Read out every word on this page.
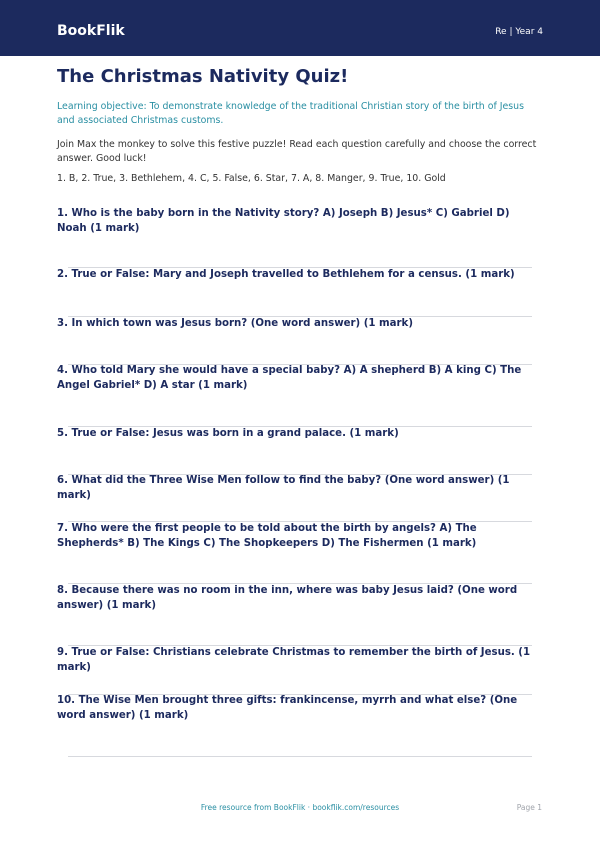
BookFlik	Re | Year 4
The Christmas Nativity Quiz!

Learning objective: To demonstrate knowledge of the traditional Christian story of the birth of Jesus and associated Christmas customs.

Join Max the monkey to solve this festive puzzle! Read each question carefully and choose the correct answer. Good luck!

1. B, 2. True, 3. Bethlehem, 4. C, 5. False, 6. Star, 7. A, 8. Manger, 9. True, 10. Gold

1. Who is the baby born in the Nativity story? A) Joseph B) Jesus* C) Gabriel D) Noah (1 mark)

2. True or False: Mary and Joseph travelled to Bethlehem for a census. (1 mark)

3. In which town was Jesus born? (One word answer) (1 mark)

4. Who told Mary she would have a special baby? A) A shepherd B) A king C) The Angel Gabriel* D) A star (1 mark)

5. True or False: Jesus was born in a grand palace. (1 mark)

6. What did the Three Wise Men follow to find the baby? (One word answer) (1 mark)

7. Who were the first people to be told about the birth by angels? A) The Shepherds* B) The Kings C) The Shopkeepers D) The Fishermen (1 mark)

8. Because there was no room in the inn, where was baby Jesus laid? (One word answer) (1 mark)

9. True or False: Christians celebrate Christmas to remember the birth of Jesus. (1 mark)

10. The Wise Men brought three gifts: frankincense, myrrh and what else? (One word answer) (1 mark)

Free resource from BookFlik · bookflik.com/resources	Page 1
